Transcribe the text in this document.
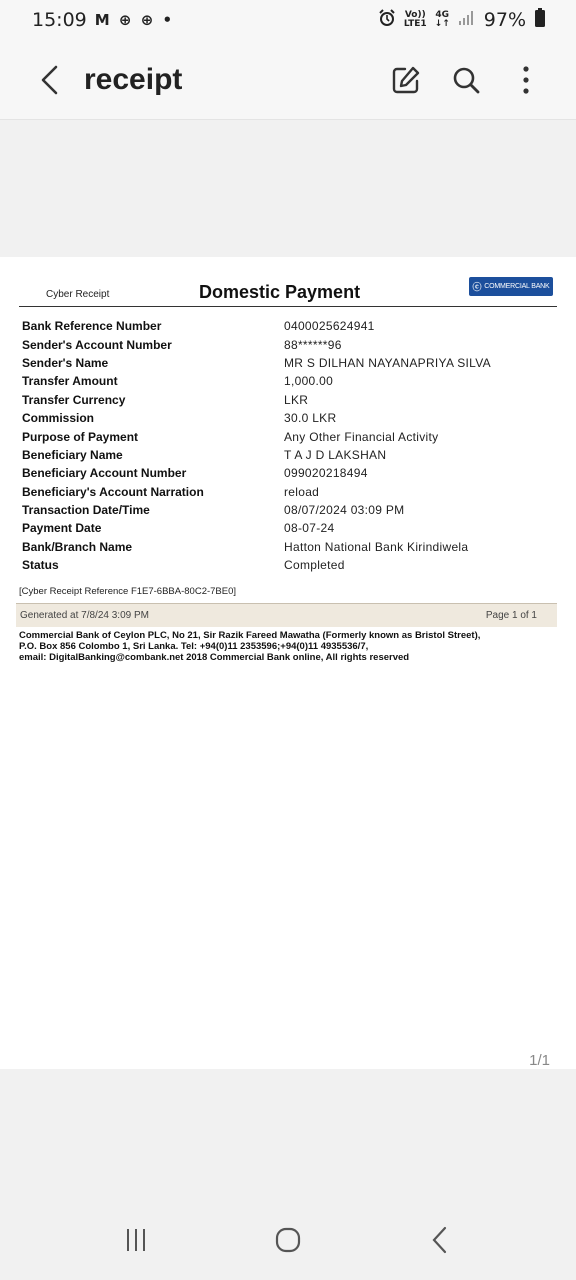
15:09 M ⊕ ⊕ •	Vo))
LTE1
4G
↓↑ 97%
receipt
Cyber Receipt	Domestic Payment	ⓒ COMMERCIAL BANK
Bank Reference Number	0400025624941
Sender's Account Number	88******96
Sender's Name	MR S DILHAN NAYANAPRIYA SILVA
Transfer Amount	1,000.00
Transfer Currency	LKR
Commission	30.0 LKR
Purpose of Payment	Any Other Financial Activity
Beneficiary Name	T A J D LAKSHAN
Beneficiary Account Number	099020218494
Beneficiary's Account Narration	reload
Transaction Date/Time	08/07/2024 03:09 PM
Payment Date	08-07-24
Bank/Branch Name	Hatton National Bank Kirindiwela
Status	Completed
[Cyber Receipt Reference F1E7-6BBA-80C2-7BE0]
Generated at 7/8/24 3:09 PM	Page 1 of 1
Commercial Bank of Ceylon PLC, No 21, Sir Razik Fareed Mawatha (Formerly known as Bristol Street),
P.O. Box 856 Colombo 1, Sri Lanka. Tel: +94(0)11 2353596;+94(0)11 4935536/7,
email: DigitalBanking@combank.net 2018 Commercial Bank online, All rights reserved
1/1
